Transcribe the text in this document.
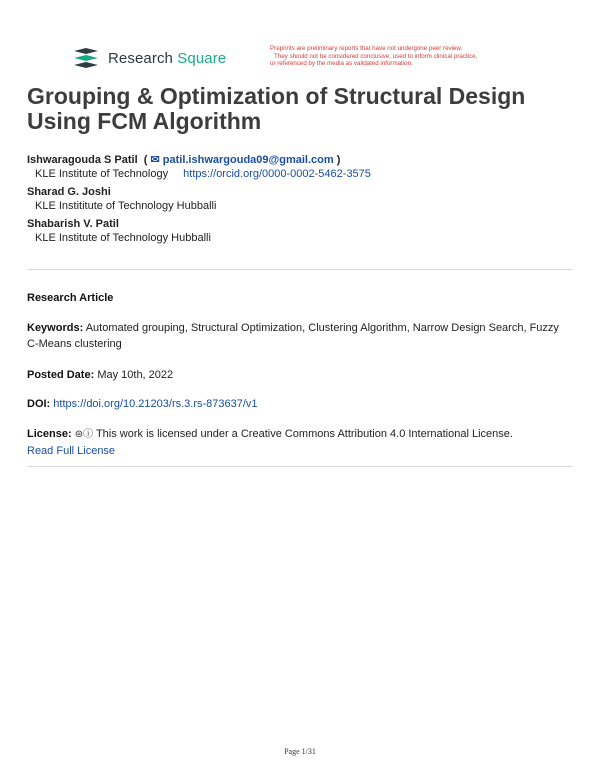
Research Square
Preprints are preliminary reports that have not undergone peer review.
They should not be considered conclusive, used to inform clinical practice,
or referenced by the media as validated information.
Grouping & Optimization of Structural Design Using FCM Algorithm
Ishwaragouda S Patil  ( ✉ patil.ishwargouda09@gmail.com )
KLE Institute of Technology https://orcid.org/0000-0002-5462-3575
Sharad G. Joshi
KLE Instititute of Technology Hubballi
Shabarish V. Patil
KLE Institute of Technology Hubballi
Research Article
Keywords: Automated grouping, Structural Optimization, Clustering Algorithm, Narrow Design Search, Fuzzy C-Means clustering
Posted Date: May 10th, 2022
DOI: https://doi.org/10.21203/rs.3.rs-873637/v1
License: ⊜ⓘ This work is licensed under a Creative Commons Attribution 4.0 International License.
Read Full License
Page 1/31
